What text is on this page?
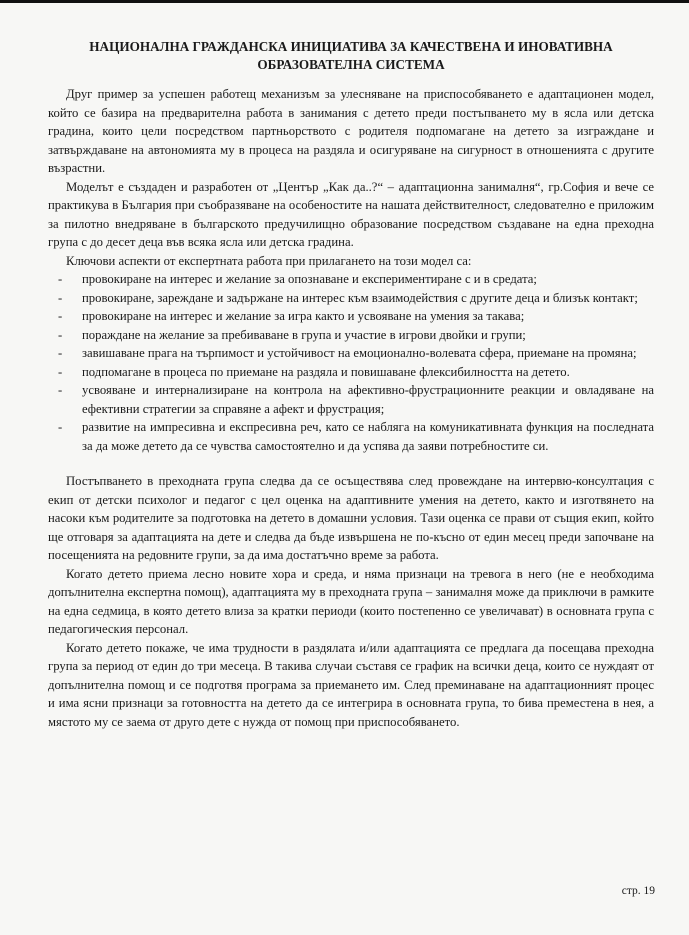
НАЦИОНАЛНА ГРАЖДАНСКА ИНИЦИАТИВА ЗА КАЧЕСТВЕНА И ИНОВАТИВНА
ОБРАЗОВАТЕЛНА СИСТЕМА

Друг пример за успешен работещ механизъм за улесняване на приспособяването е адаптационен модел, който се базира на предварителна работа в занимания с детето преди постъпването му в ясла или детска градина, които цели посредством партньорството с родителя подпомагане на детето за изграждане и затвърждаване на автономията му в процеса на раздяла и осигуряване на сигурност в отношенията с другите възрастни.

Моделът е създаден и разработен от „Център „Как да..?“ – адаптационна занималня“, гр.София и вече се практикува в България при съобразяване на особеностите на нашата действителност, следователно е приложим за пилотно внедряване в българското предучилищно образование посредством създаване на една преходна група с до десет деца във всяка ясла или детска градина.

Ключови аспекти от експертната работа при прилагането на този модел са:

- провокиране на интерес и желание за опознаване и експериментиране с и в средата;
- провокиране, зареждане и задържане на интерес към взаимодействия с другите деца и близък контакт;
- провокиране на интерес и желание за игра както и усвояване на умения за такава;
- пораждане на желание за пребиваване в група и участие в игрови двойки и групи;
- завишаване прага на търпимост и устойчивост на емоционално-волевата сфера, приемане на промяна;
- подпомагане в процеса по приемане на раздяла и повишаване флексибилността на детето.
- усвояване и интернализиране на контрола на афективно-фрустрационните реакции и овладяване на ефективни стратегии за справяне а афект и фрустрация;
- развитие на импресивна и експресивна реч, като се наблягa на комуникативната функция на последната за да може детето да се чувства самостоятелно и да успява да заяви потребностите си.

Постъпването в преходната група следва да се осъществява след провеждане на интервю-консултация с екип от детски психолог и педагог с цел оценка на адаптивните умения на детето, както и изготвянето на насоки към родителите за подготовка на детето в домашни условия. Тази оценка се прави от същия екип, който ще отговаря за адаптацията на дете и следва да бъде извършена не по-късно от един месец преди започване на посещенията на редовните групи, за да има достатъчно време за работа.

Когато детето приема лесно новите хора и среда, и няма признаци на тревога в него (не е необходима допълнителна експертна помощ), адаптацията му в преходната група – занималня може да приключи в рамките на една седмица, в която детето влиза за кратки периоди (които постепенно се увеличават) в основната група с педагогическия персонал.

Когато детето покаже, че има трудности в раздялата и/или адаптацията се предлага да посещава преходна група за период от един до три месеца. В такива случаи съставя се график на всички деца, които се нуждаят от допълнителна помощ и се подготвя програма за приемането им. След преминаване на адаптационният процес и има ясни признаци за готовността на детето да се интегрира в основната група, то бива преместена в нея, а мястото му се заема от друго дете с нужда от помощ при приспособяването.

стр. 19
